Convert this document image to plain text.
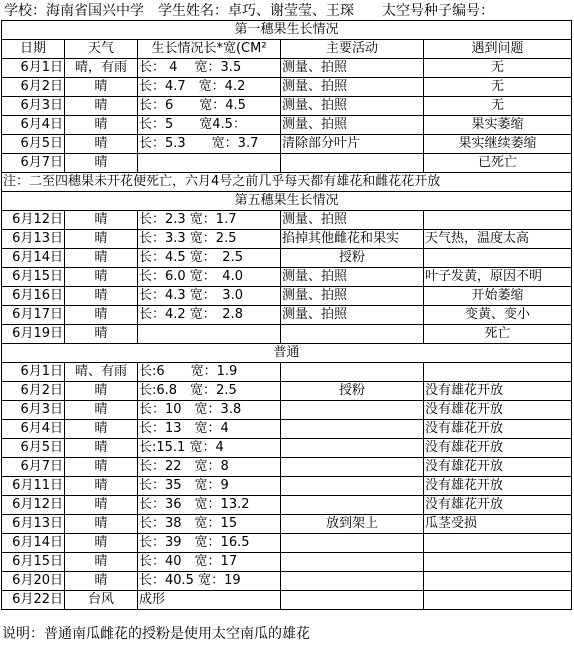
学校：海南省国兴中学　学生姓名：卓巧、谢莹莹、王琛　　太空号种子编号：
第一穗果生长情况				
日期	天气	生长情况长*宽(CM²	主要活动	遇到问题
6月1日	晴，有雨	长： 4　 宽：3.5	测量、拍照	无
6月2日	晴	长：4.7　宽：4.2	测量、拍照	无
6月3日	晴	长：6　　宽：4.5	测量、拍照	无
6月4日	晴	长：5　　宽4.5：	测量、拍照	果实萎缩
6月5日	晴	长：5.3　　宽：3.7	清除部分叶片	果实继续萎缩
6月7日	晴			已死亡
注：二至四穗果未开花便死亡，六月4号之前几乎每天都有雄花和雌花花开放				
第五穗果生长情况				
6月12日	晴	长：2.3 宽：1.7	测量、拍照	
6月13日	晴	长：3.3 宽：2.5	掐掉其他雌花和果实	天气热，温度太高
6月14日	晴	长：4.5 宽：　2.5	授粉	
6月15日	晴	长：6.0 宽：　4.0	测量、拍照	叶子发黄，原因不明
6月16日	晴	长：4.3 宽：　3.0	测量、拍照	开始萎缩
6月17日	晴	长：4.2 宽：　2.8	测量、拍照	变黄、变小
6月19日	晴			死亡
普通				
6月1日	晴、有雨	长:6　　宽：1.9		
6月2日	晴	长:6.8　宽：2.5	授粉	没有雄花开放
6月3日	晴	长：10　宽：3.8		没有雄花开放
6月4日	晴	长：13　宽：4		没有雄花开放
6月5日	晴	长:15.1 宽：4		没有雄花开放
6月7日	晴	长：22　宽：8		没有雄花开放
6月11日	晴	长：35　宽：9		没有雄花开放
6月12日	晴	长：36　宽：13.2		没有雄花开放
6月13日	晴	长：38　宽：15	放到架上	瓜茎受损
6月14日	晴	长：39　宽：16.5		
6月15日	晴	长：40　宽：17		
6月20日	晴	长：40.5 宽：19		
6月22日	台风	成形		
说明：普通南瓜雌花的授粉是使用太空南瓜的雄花
